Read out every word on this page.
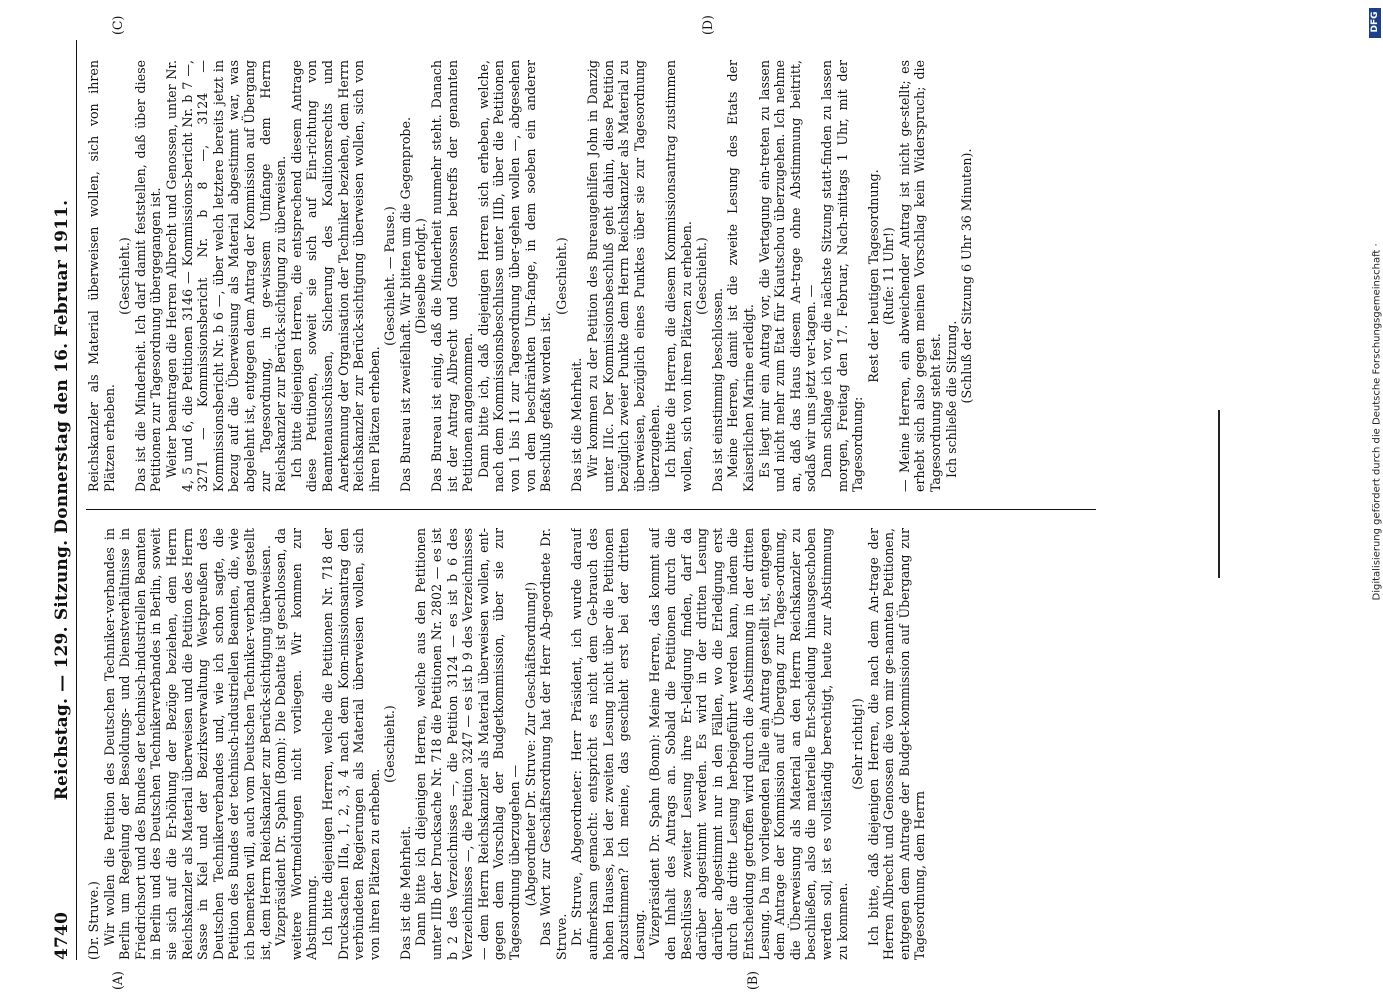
4740
Reichstag. — 129. Sitzung. Donnerstag den 16. Februar 1911.

(Dr. Struve.) Wir wollen die Petition des Deutschen Techniker-verbandes in Berlin um Regelung der Besoldungs- und Dienstverhältnisse in Friedrichsort und des Bundes der technisch-industriellen Beamten in Berlin und des Deutschen Technikerverbandes in Berlin, soweit sie sich auf die Er-höhung der Bezüge beziehen, dem Herrn Reichskanzler als Material überweisen und die Petition des Herrn Sasse in Kiel und der Bezirksverwaltung Westpreußen des Deutschen Technikerverbandes und, wie ich schon sagte, die Petition des Bundes der technisch-industriellen Beamten, die, wie ich bemerken will, auch vom Deutschen Techniker-verband gestellt ist, dem Herrn Reichskanzler zur Berück-sichtigung überweisen. Vizepräsident Dr. Spahn (Bonn): Die Debatte ist geschlossen, da weitere Wortmeldungen nicht vorliegen. Wir kommen zur Abstimmung. Ich bitte diejenigen Herren, welche die Petitionen Nr. 718 der Drucksachen IIIa, 1, 2, 3, 4 nach dem Kom-missionsantrag den verbündeten Regierungen als Material überweisen wollen, sich von ihren Plätzen zu erheben.

(Geschieht.)

Das ist die Mehrheit. Dann bitte ich diejenigen Herren, welche aus den Petitionen unter IIIb der Drucksache Nr. 718 die Petitionen Nr. 2802 — es ist b 2 des Verzeichnisses —, die Petition 3124 — es ist b 6 des Verzeichnisses —, die Petition 3247 — es ist b 9 des Verzeichnisses — dem Herrn Reichskanzler als Material überweisen wollen, ent-gegen dem Vorschlag der Budgetkommission, über sie zur Tagesordnung überzugehen — (Abgeordneter Dr. Struve: Zur Geschäftsordnung!) Das Wort zur Geschäftsordnung hat der Herr Ab-geordnete Dr. Struve. Dr. Struve, Abgeordneter: Herr Präsident, ich wurde darauf aufmerksam gemacht: entspricht es nicht dem Ge-brauch des hohen Hauses, bei der zweiten Lesung nicht über die Petitionen abzustimmen? Ich meine, das geschieht erst bei der dritten Lesung. Vizepräsident Dr. Spahn (Bonn): Meine Herren, das kommt auf den Inhalt des Antrags an. Sobald die Petitionen durch die Beschlüsse zweiter Lesung ihre Er-ledigung finden, darf da darüber abgestimmt werden. Es wird in der dritten Lesung darüber abgestimmt nur in den Fällen, wo die Erledigung erst durch die dritte Lesung herbeigeführt werden kann, indem die Entscheidung getroffen wird durch die Abstimmung in der dritten Lesung. Da im vorliegenden Falle ein Antrag gestellt ist, entgegen dem Antrage der Kommission auf Übergang zur Tages-ordnung, die Überweisung als Material an den Herrn Reichskanzler zu beschließen, also die materielle Ent-scheidung hinausgeschoben werden soll, ist es vollständig berechtigt, heute zur Abstimmung zu kommen.

(Sehr richtig!) Ich bitte, daß diejenigen Herren, die nach dem An-trage der Herren Albrecht und Genossen die von mir ge-nannten Petitionen, entgegen dem Antrage der Budget-kommission auf Übergang zur Tagesordnung, dem Herrn

Reichskanzler als Material überweisen wollen, sich von ihren Plätzen erheben.

(Geschieht.) Das ist die Minderheit. Ich darf damit feststellen, daß über diese Petitionen zur Tagesordnung übergegangen ist. Weiter beantragen die Herren Albrecht und Genossen, unter Nr. 4, 5 und 6, die Petitionen 3146 — Kommissions-bericht Nr. b 7 —, 3271 — Kommissionsbericht Nr. b 8 —, 3124 — Kommissionsbericht Nr. b 6 —, über welch letztere bereits jetzt in bezug auf die Überweisung als Material abgestimmt war, was abgelehnt ist, entgegen dem Antrag der Kommission auf Übergang zur Tagesordnung, in ge-wissem Umfange dem Herrn Reichskanzler zur Berück-sichtigung zu überweisen. Ich bitte diejenigen Herren, die entsprechend diesem Antrage diese Petitionen, soweit sie sich auf Ein-richtung von Beamtenausschüssen, Sicherung des Koalitionsrechts und Anerkennung der Organisation der Techniker beziehen, dem Herrn Reichskanzler zur Berück-sichtigung überweisen wollen, sich von ihren Plätzen erheben.

(Geschieht. — Pause.) Das Bureau ist zweifelhaft. Wir bitten um die Gegenprobe. (Dieselbe erfolgt.) Das Bureau ist einig, daß die Minderheit nunmehr steht. Danach ist der Antrag Albrecht und Genossen betreffs der genannten Petitionen angenommen. Dann bitte ich, daß diejenigen Herren sich erheben, welche, nach dem Kommissionsbeschlusse unter IIIb, über die Petitionen von 1 bis 11 zur Tagesordnung über-gehen wollen —, abgesehen von dem beschränkten Um-fange, in dem soeben ein anderer Beschluß gefaßt worden ist.

(Geschieht.)

Das ist die Mehrheit. Wir kommen zu der Petition des Bureaugehilfen John in Danzig unter IIIc. Der Kommissionsbeschluß geht dahin, diese Petition bezüglich zweier Punkte dem Herrn Reichskanzler als Material zu überweisen, bezüglich eines Punktes über sie zur Tagesordnung überzugehen. Ich bitte die Herren, die diesem Kommissionsantrag zustimmen wollen, sich von ihren Plätzen zu erheben. (Geschieht.)

Das ist einstimmig beschlossen. Meine Herren, damit ist die zweite Lesung des Etats der Kaiserlichen Marine erledigt. Es liegt mir ein Antrag vor, die Vertagung ein-treten zu lassen und nicht mehr zum Etat für Kiautschou überzugehen. Ich nehme an, daß das Haus diesem An-trage ohne Abstimmung beitritt, sodaß wir uns jetzt ver-tagen. — Dann schlage ich vor, die nächste Sitzung statt-finden zu lassen morgen, Freitag den 17. Februar, Nach-mittags 1 Uhr, mit der Tagesordnung:

Rest der heutigen Tagesordnung. (Rufe: 11 Uhr!) — Meine Herren, ein abweichender Antrag ist nicht ge-stellt; es erhebt sich also gegen meinen Vorschlag kein Widerspruch; die Tagesordnung steht fest. Ich schließe die Sitzung. (Schluß der Sitzung 6 Uhr 36 Minuten).

(A)	(B)
(C)	(D)	DFG
Digitalisierung gefördert durch die Deutsche Forschungsgemeinschaft ·
